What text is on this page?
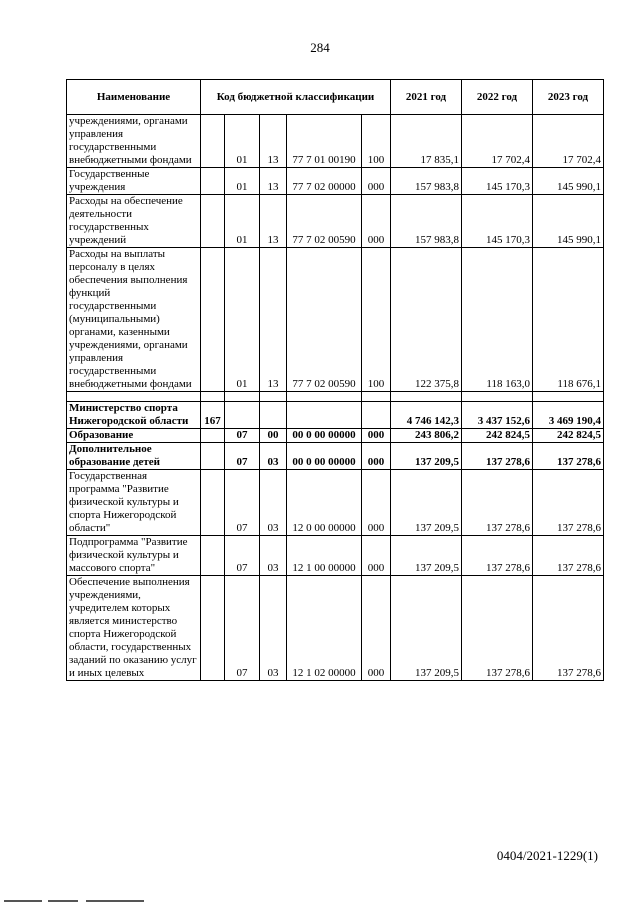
284
Наименование	Код бюджетной классификации					2021 год	2022 год	2023 год
учреждениями, органами управления государственными внебюджетными фондами		01	13	77 7 01 00190	100	17 835,1	17 702,4	17 702,4
Государственные учреждения		01	13	77 7 02 00000	000	157 983,8	145 170,3	145 990,1
Расходы на обеспечение деятельности государственных учреждений		01	13	77 7 02 00590	000	157 983,8	145 170,3	145 990,1
Расходы на выплаты персоналу в целях обеспечения выполнения функций государственными (муниципальными) органами, казенными учреждениями, органами управления государственными внебюджетными фондами		01	13	77 7 02 00590	100	122 375,8	118 163,0	118 676,1

Министерство спорта Нижегородской области	167					4 746 142,3	3 437 152,6	3 469 190,4
Образование		07	00	00 0 00 00000	000	243 806,2	242 824,5	242 824,5
Дополнительное образование детей		07	03	00 0 00 00000	000	137 209,5	137 278,6	137 278,6
Государственная программа "Развитие физической культуры и спорта Нижегородской области"		07	03	12 0 00 00000	000	137 209,5	137 278,6	137 278,6
Подпрограмма "Развитие физической культуры и массового спорта"		07	03	12 1 00 00000	000	137 209,5	137 278,6	137 278,6
Обеспечение выполнения учреждениями, учредителем которых является министерство спорта Нижегородской области, государственных заданий по оказанию услуг и иных целевых		07	03	12 1 02 00000	000	137 209,5	137 278,6	137 278,6
0404/2021-1229(1)
